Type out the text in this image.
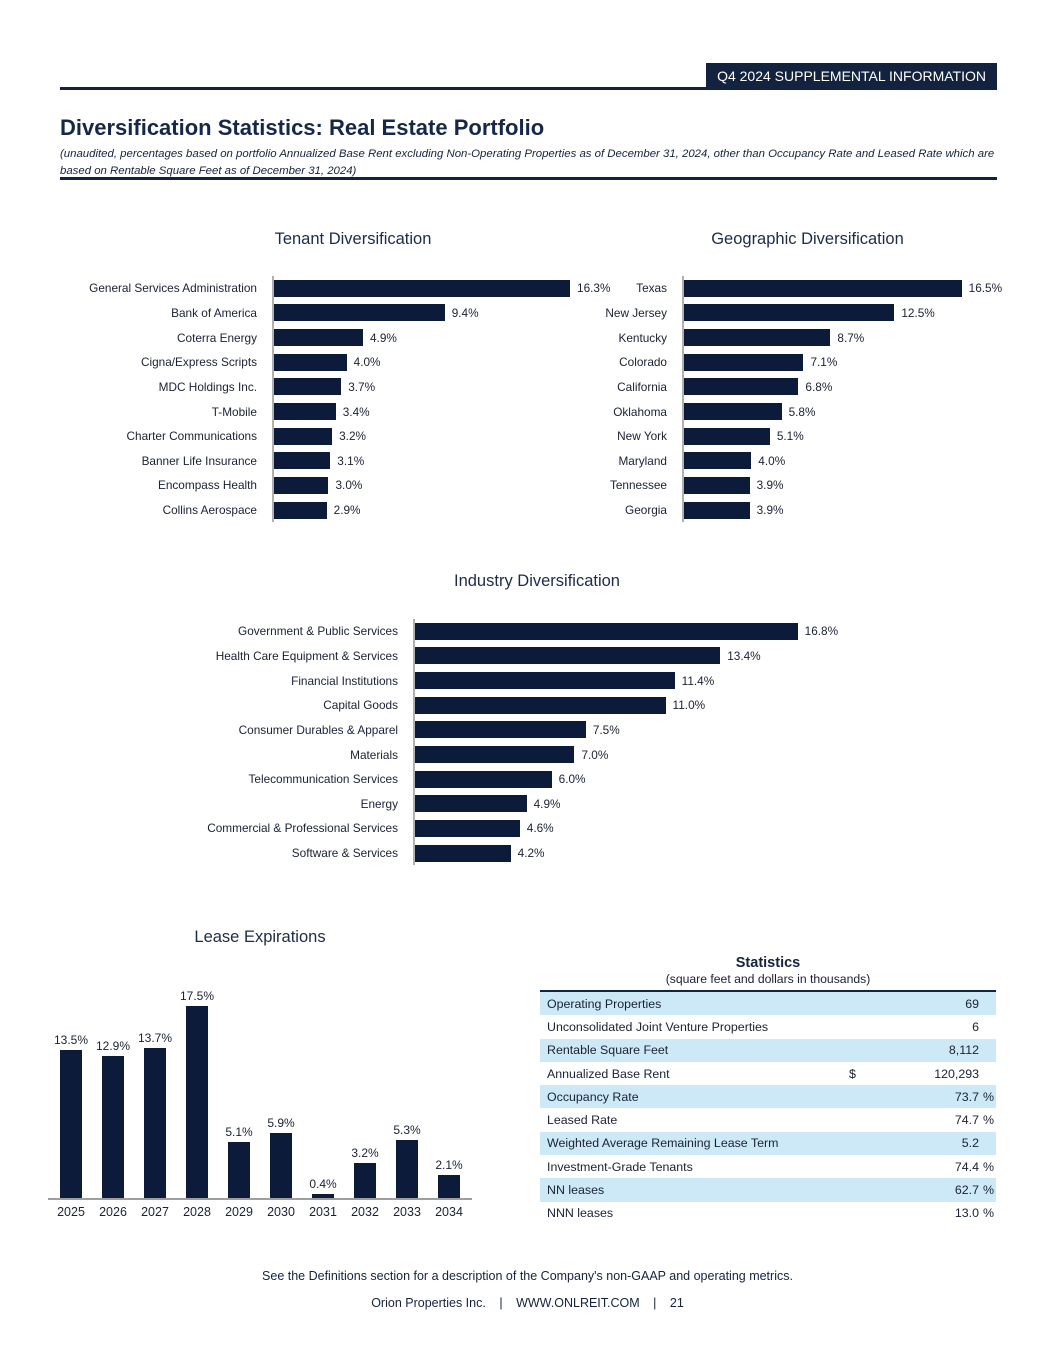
Q4 2024 SUPPLEMENTAL INFORMATION
Diversification Statistics: Real Estate Portfolio

(unaudited, percentages based on portfolio Annualized Base Rent excluding Non-Operating Properties as of December 31, 2024, other than Occupancy Rate and Leased Rate which are based on Rentable Square Feet as of December 31, 2024)

Tenant Diversification
General Services Administration	16.3%
Bank of America	9.4%
Coterra Energy	4.9%
Cigna/Express Scripts	4.0%
MDC Holdings Inc.	3.7%
T-Mobile	3.4%
Charter Communications	3.2%
Banner Life Insurance	3.1%
Encompass Health	3.0%
Collins Aerospace	2.9%
Geographic Diversification
Texas	16.5%
New Jersey	12.5%
Kentucky	8.7%
Colorado	7.1%
California	6.8%
Oklahoma	5.8%
New York	5.1%
Maryland	4.0%
Tennessee	3.9%
Georgia	3.9%
Industry Diversification
Government & Public Services	16.8%
Health Care Equipment & Services	13.4%
Financial Institutions	11.4%
Capital Goods	11.0%
Consumer Durables & Apparel	7.5%
Materials	7.0%
Telecommunication Services	6.0%
Energy	4.9%
Commercial & Professional Services	4.6%
Software & Services	4.2%
Lease Expirations
13.5% 12.9%
13.7%
17.5%
5.1%
5.9%
0.4%
3.2%
5.3%
2.1%
2025	2026	2027	2028	2029	2030	2031	2032	2033	2034
Statistics
(square feet and dollars in thousands)
Operating Properties	69
Unconsolidated Joint Venture Properties	6
Rentable Square Feet	8,112
Annualized Base Rent	$	120,293
Occupancy Rate	73.7 %
Leased Rate	74.7 %
Weighted Average Remaining Lease Term	5.2
Investment-Grade Tenants	74.4 %
NN leases	62.7 %
NNN leases	13.0 %
See the Definitions section for a description of the Company's non-GAAP and operating metrics.
Orion Properties Inc. | WWW.ONLREIT.COM | 21
